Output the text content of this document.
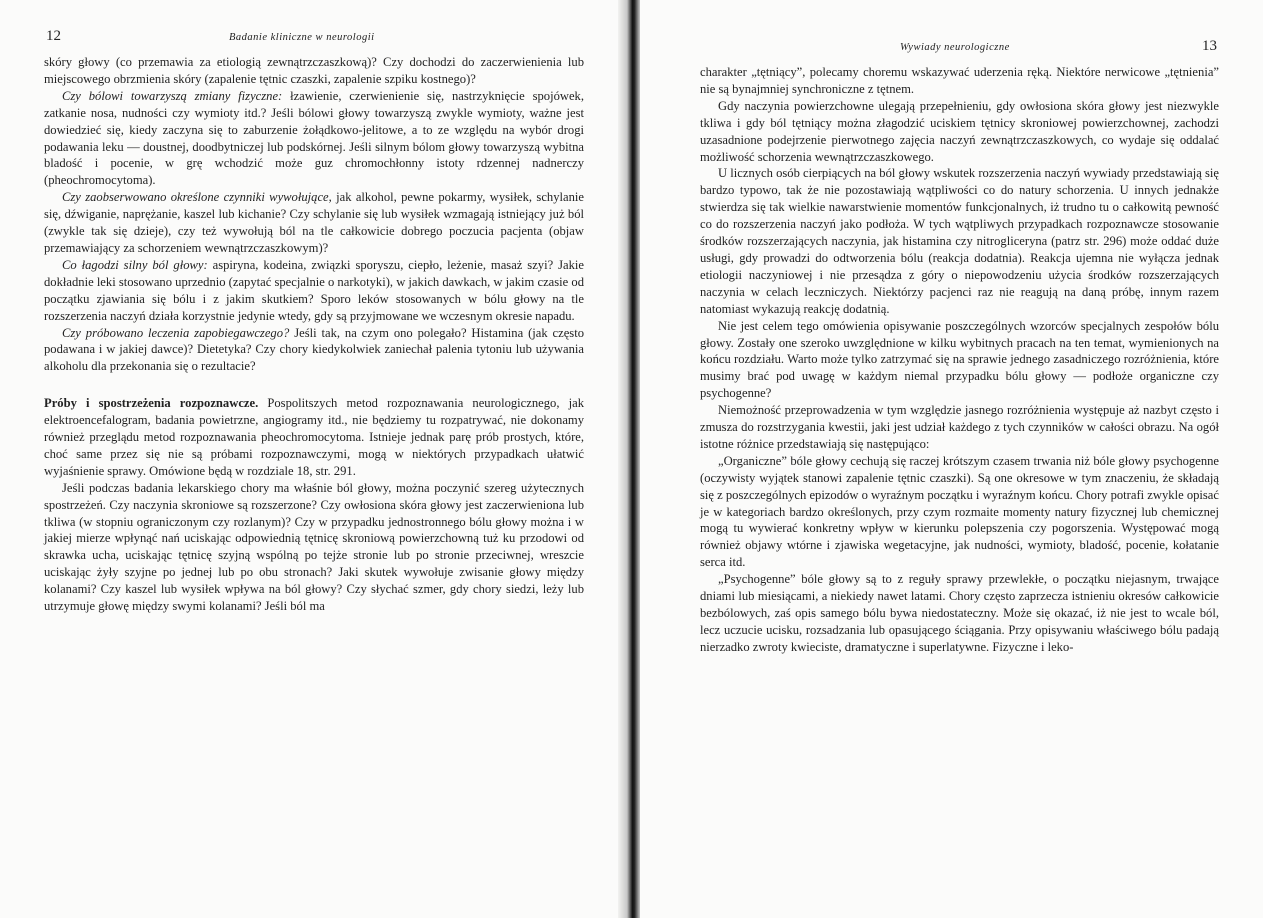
12	Badanie kliniczne w neurologii

skóry głowy (co przemawia za etiologią zewnątrzczaszkową)? Czy dochodzi do zaczerwienienia lub miejscowego obrzmienia skóry (zapalenie tętnic czaszki, zapalenie szpiku kostnego)?

Czy bólowi towarzyszą zmiany fizyczne: łzawienie, czerwienienie się, nastrzyknięcie spojówek, zatkanie nosa, nudności czy wymioty itd.? Jeśli bólowi głowy towarzyszą zwykle wymioty, ważne jest dowiedzieć się, kiedy zaczyna się to zaburzenie żołądkowo-jelitowe, a to ze względu na wybór drogi podawania leku — doustnej, doodbytniczej lub podskórnej. Jeśli silnym bólom głowy towarzyszą wybitna bladość i pocenie, w grę wchodzić może guz chromochłonny istoty rdzennej nadnerczy (pheochromocytoma).

Czy zaobserwowano określone czynniki wywołujące, jak alkohol, pewne pokarmy, wysiłek, schylanie się, dźwiganie, naprężanie, kaszel lub kichanie? Czy schylanie się lub wysiłek wzmagają istniejący już ból (zwykle tak się dzieje), czy też wywołują ból na tle całkowicie dobrego poczucia pacjenta (objaw przemawiający za schorzeniem wewnątrzczaszkowym)?

Co łagodzi silny ból głowy: aspiryna, kodeina, związki sporyszu, ciepło, leżenie, masaż szyi? Jakie dokładnie leki stosowano uprzednio (zapytać specjalnie o narkotyki), w jakich dawkach, w jakim czasie od początku zjawiania się bólu i z jakim skutkiem? Sporo leków stosowanych w bólu głowy na tle rozszerzenia naczyń działa korzystnie jedynie wtedy, gdy są przyjmowane we wczesnym okresie napadu.

Czy próbowano leczenia zapobiegawczego? Jeśli tak, na czym ono polegało? Histamina (jak często podawana i w jakiej dawce)? Dietetyka? Czy chory kiedykolwiek zaniechał palenia tytoniu lub używania alkoholu dla przekonania się o rezultacie?

Próby i spostrzeżenia rozpoznawcze. Pospolitszych metod rozpoznawania neurologicznego, jak elektroencefalogram, badania powietrzne, angiogramy itd., nie będziemy tu rozpatrywać, nie dokonamy również przeglądu metod rozpoznawania pheochromocytoma. Istnieje jednak parę prób prostych, które, choć same przez się nie są próbami rozpoznawczymi, mogą w niektórych przypadkach ułatwić wyjaśnienie sprawy. Omówione będą w rozdziale 18, str. 291.

Jeśli podczas badania lekarskiego chory ma właśnie ból głowy, można poczynić szereg użytecznych spostrzeżeń. Czy naczynia skroniowe są rozszerzone? Czy owłosiona skóra głowy jest zaczerwieniona lub tkliwa (w stopniu ograniczonym czy rozlanym)? Czy w przypadku jednostronnego bólu głowy można i w jakiej mierze wpłynąć nań uciskając odpowiednią tętnicę skroniową powierzchowną tuż ku przodowi od skrawka ucha, uciskając tętnicę szyjną wspólną po tejże stronie lub po stronie przeciwnej, wreszcie uciskając żyły szyjne po jednej lub po obu stronach? Jaki skutek wywołuje zwisanie głowy między kolanami? Czy kaszel lub wysiłek wpływa na ból głowy? Czy słychać szmer, gdy chory siedzi, leży lub utrzymuje głowę między swymi kolanami? Jeśli ból ma

Wywiady neurologiczne	13

charakter „tętniący”, polecamy choremu wskazywać uderzenia ręką. Niektóre nerwicowe „tętnienia” nie są bynajmniej synchroniczne z tętnem.

Gdy naczynia powierzchowne ulegają przepełnieniu, gdy owłosiona skóra głowy jest niezwykle tkliwa i gdy ból tętniący można złagodzić uciskiem tętnicy skroniowej powierzchownej, zachodzi uzasadnione podejrzenie pierwotnego zajęcia naczyń zewnątrzczaszkowych, co wydaje się oddalać możliwość schorzenia wewnątrzczaszkowego.

U licznych osób cierpiących na ból głowy wskutek rozszerzenia naczyń wywiady przedstawiają się bardzo typowo, tak że nie pozostawiają wątpliwości co do natury schorzenia. U innych jednakże stwierdza się tak wielkie nawarstwienie momentów funkcjonalnych, iż trudno tu o całkowitą pewność co do rozszerzenia naczyń jako podłoża. W tych wątpliwych przypadkach rozpoznawcze stosowanie środków rozszerzających naczynia, jak histamina czy nitrogliceryna (patrz str. 296) może oddać duże usługi, gdy prowadzi do odtworzenia bólu (reakcja dodatnia). Reakcja ujemna nie wyłącza jednak etiologii naczyniowej i nie przesądza z góry o niepowodzeniu użycia środków rozszerzających naczynia w celach leczniczych. Niektórzy pacjenci raz nie reagują na daną próbę, innym razem natomiast wykazują reakcję dodatnią.

Nie jest celem tego omówienia opisywanie poszczególnych wzorców specjalnych zespołów bólu głowy. Zostały one szeroko uwzględnione w kilku wybitnych pracach na ten temat, wymienionych na końcu rozdziału. Warto może tylko zatrzymać się na sprawie jednego zasadniczego rozróżnienia, które musimy brać pod uwagę w każdym niemal przypadku bólu głowy — podłoże organiczne czy psychogenne?

Niemożność przeprowadzenia w tym względzie jasnego rozróżnienia występuje aż nazbyt często i zmusza do rozstrzygania kwestii, jaki jest udział każdego z tych czynników w całości obrazu. Na ogół istotne różnice przedstawiają się następująco:

„Organiczne” bóle głowy cechują się raczej krótszym czasem trwania niż bóle głowy psychogenne (oczywisty wyjątek stanowi zapalenie tętnic czaszki). Są one okresowe w tym znaczeniu, że składają się z poszczególnych epizodów o wyraźnym początku i wyraźnym końcu. Chory potrafi zwykle opisać je w kategoriach bardzo określonych, przy czym rozmaite momenty natury fizycznej lub chemicznej mogą tu wywierać konkretny wpływ w kierunku polepszenia czy pogorszenia. Występować mogą również objawy wtórne i zjawiska wegetacyjne, jak nudności, wymioty, bladość, pocenie, kołatanie serca itd.

„Psychogenne” bóle głowy są to z reguły sprawy przewlekłe, o początku niejasnym, trwające dniami lub miesiącami, a niekiedy nawet latami. Chory często zaprzecza istnieniu okresów całkowicie bezbólowych, zaś opis samego bólu bywa niedostateczny. Może się okazać, iż nie jest to wcale ból, lecz uczucie ucisku, rozsadzania lub opasującego ściągania. Przy opisywaniu właściwego bólu padają nierzadko zwroty kwieciste, dramatyczne i superlatywne. Fizyczne i leko-
